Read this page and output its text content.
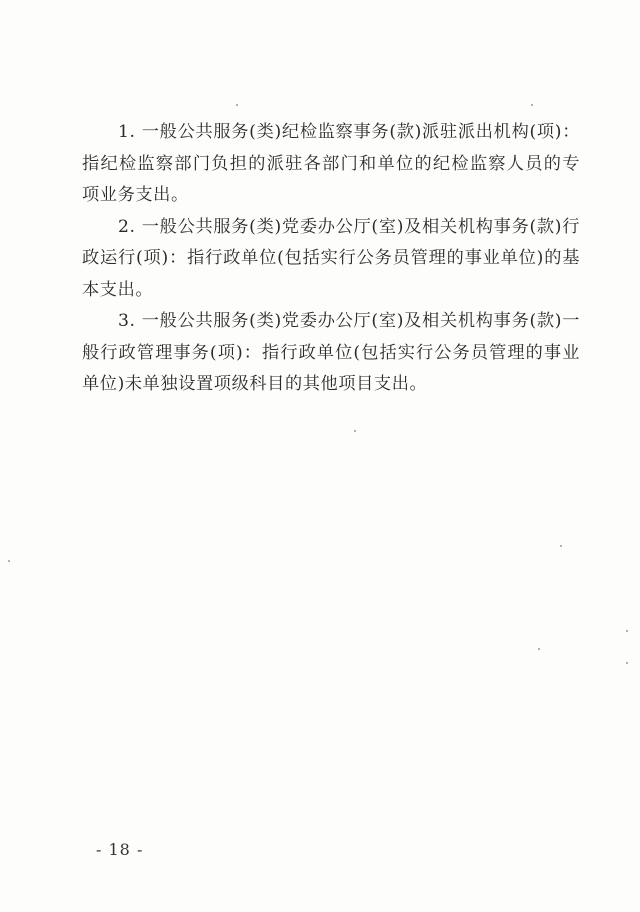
1. 一般公共服务(类)纪检监察事务(款)派驻派出机构(项)：指纪检监察部门负担的派驻各部门和单位的纪检监察人员的专项业务支出。

2. 一般公共服务(类)党委办公厅(室)及相关机构事务(款)行政运行(项)：指行政单位(包括实行公务员管理的事业单位)的基本支出。

3. 一般公共服务(类)党委办公厅(室)及相关机构事务(款)一般行政管理事务(项)：指行政单位(包括实行公务员管理的事业单位)未单独设置项级科目的其他项目支出。

- 18 -
